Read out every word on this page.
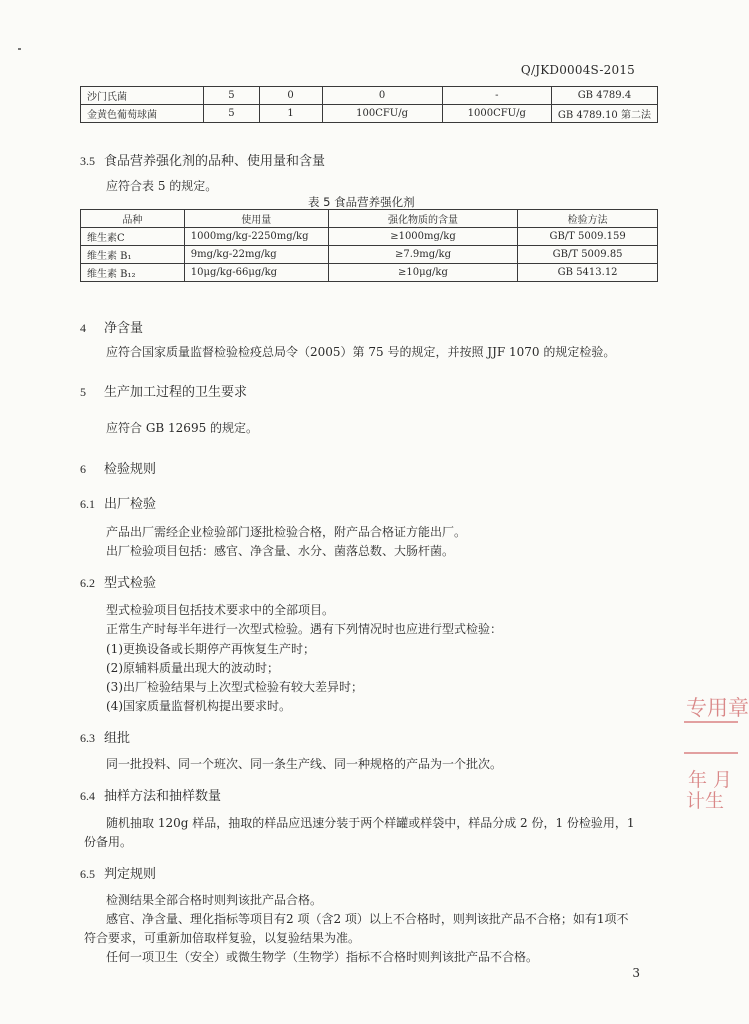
Q/JKD0004S-2015
沙门氏菌	5	0	0	-	GB 4789.4
金黄色葡萄球菌	5	1	100CFU/g	1000CFU/g	GB 4789.10 第二法
3.5 食品营养强化剂的品种、使用量和含量
应符合表 5 的规定。
表 5 食品营养强化剂
品种	使用量	强化物质的含量	检验方法
维生素C	1000mg/kg-2250mg/kg	≥1000mg/kg	GB/T 5009.159
维生素 B₁	9mg/kg-22mg/kg	≥7.9mg/kg	GB/T 5009.85
维生素 B₁₂	10μg/kg-66μg/kg	≥10μg/kg	GB 5413.12
4 净含量
应符合国家质量监督检验检疫总局令（2005）第 75 号的规定，并按照 JJF 1070 的规定检验。
5 生产加工过程的卫生要求
应符合 GB 12695 的规定。
6 检验规则
6.1 出厂检验
产品出厂需经企业检验部门逐批检验合格，附产品合格证方能出厂。
出厂检验项目包括：感官、净含量、水分、菌落总数、大肠杆菌。
6.2 型式检验
型式检验项目包括技术要求中的全部项目。
正常生产时每半年进行一次型式检验。遇有下列情况时也应进行型式检验：
(1)更换设备或长期停产再恢复生产时；
(2)原辅料质量出现大的波动时；
(3)出厂检验结果与上次型式检验有较大差异时；
(4)国家质量监督机构提出要求时。
6.3 组批
同一批投料、同一个班次、同一条生产线、同一种规格的产品为一个批次。
6.4 抽样方法和抽样数量
随机抽取 120g 样品，抽取的样品应迅速分装于两个样罐或样袋中，样品分成 2 份，1 份检验用，1
份备用。
6.5 判定规则
检测结果全部合格时则判该批产品合格。
感官、净含量、理化指标等项目有2 项（含2 项）以上不合格时，则判该批产品不合格；如有1项不
符合要求，可重新加倍取样复验，以复验结果为准。
任何一项卫生（安全）或微生物学（生物学）指标不合格时则判该批产品不合格。
3
专用章
年 月
计生
